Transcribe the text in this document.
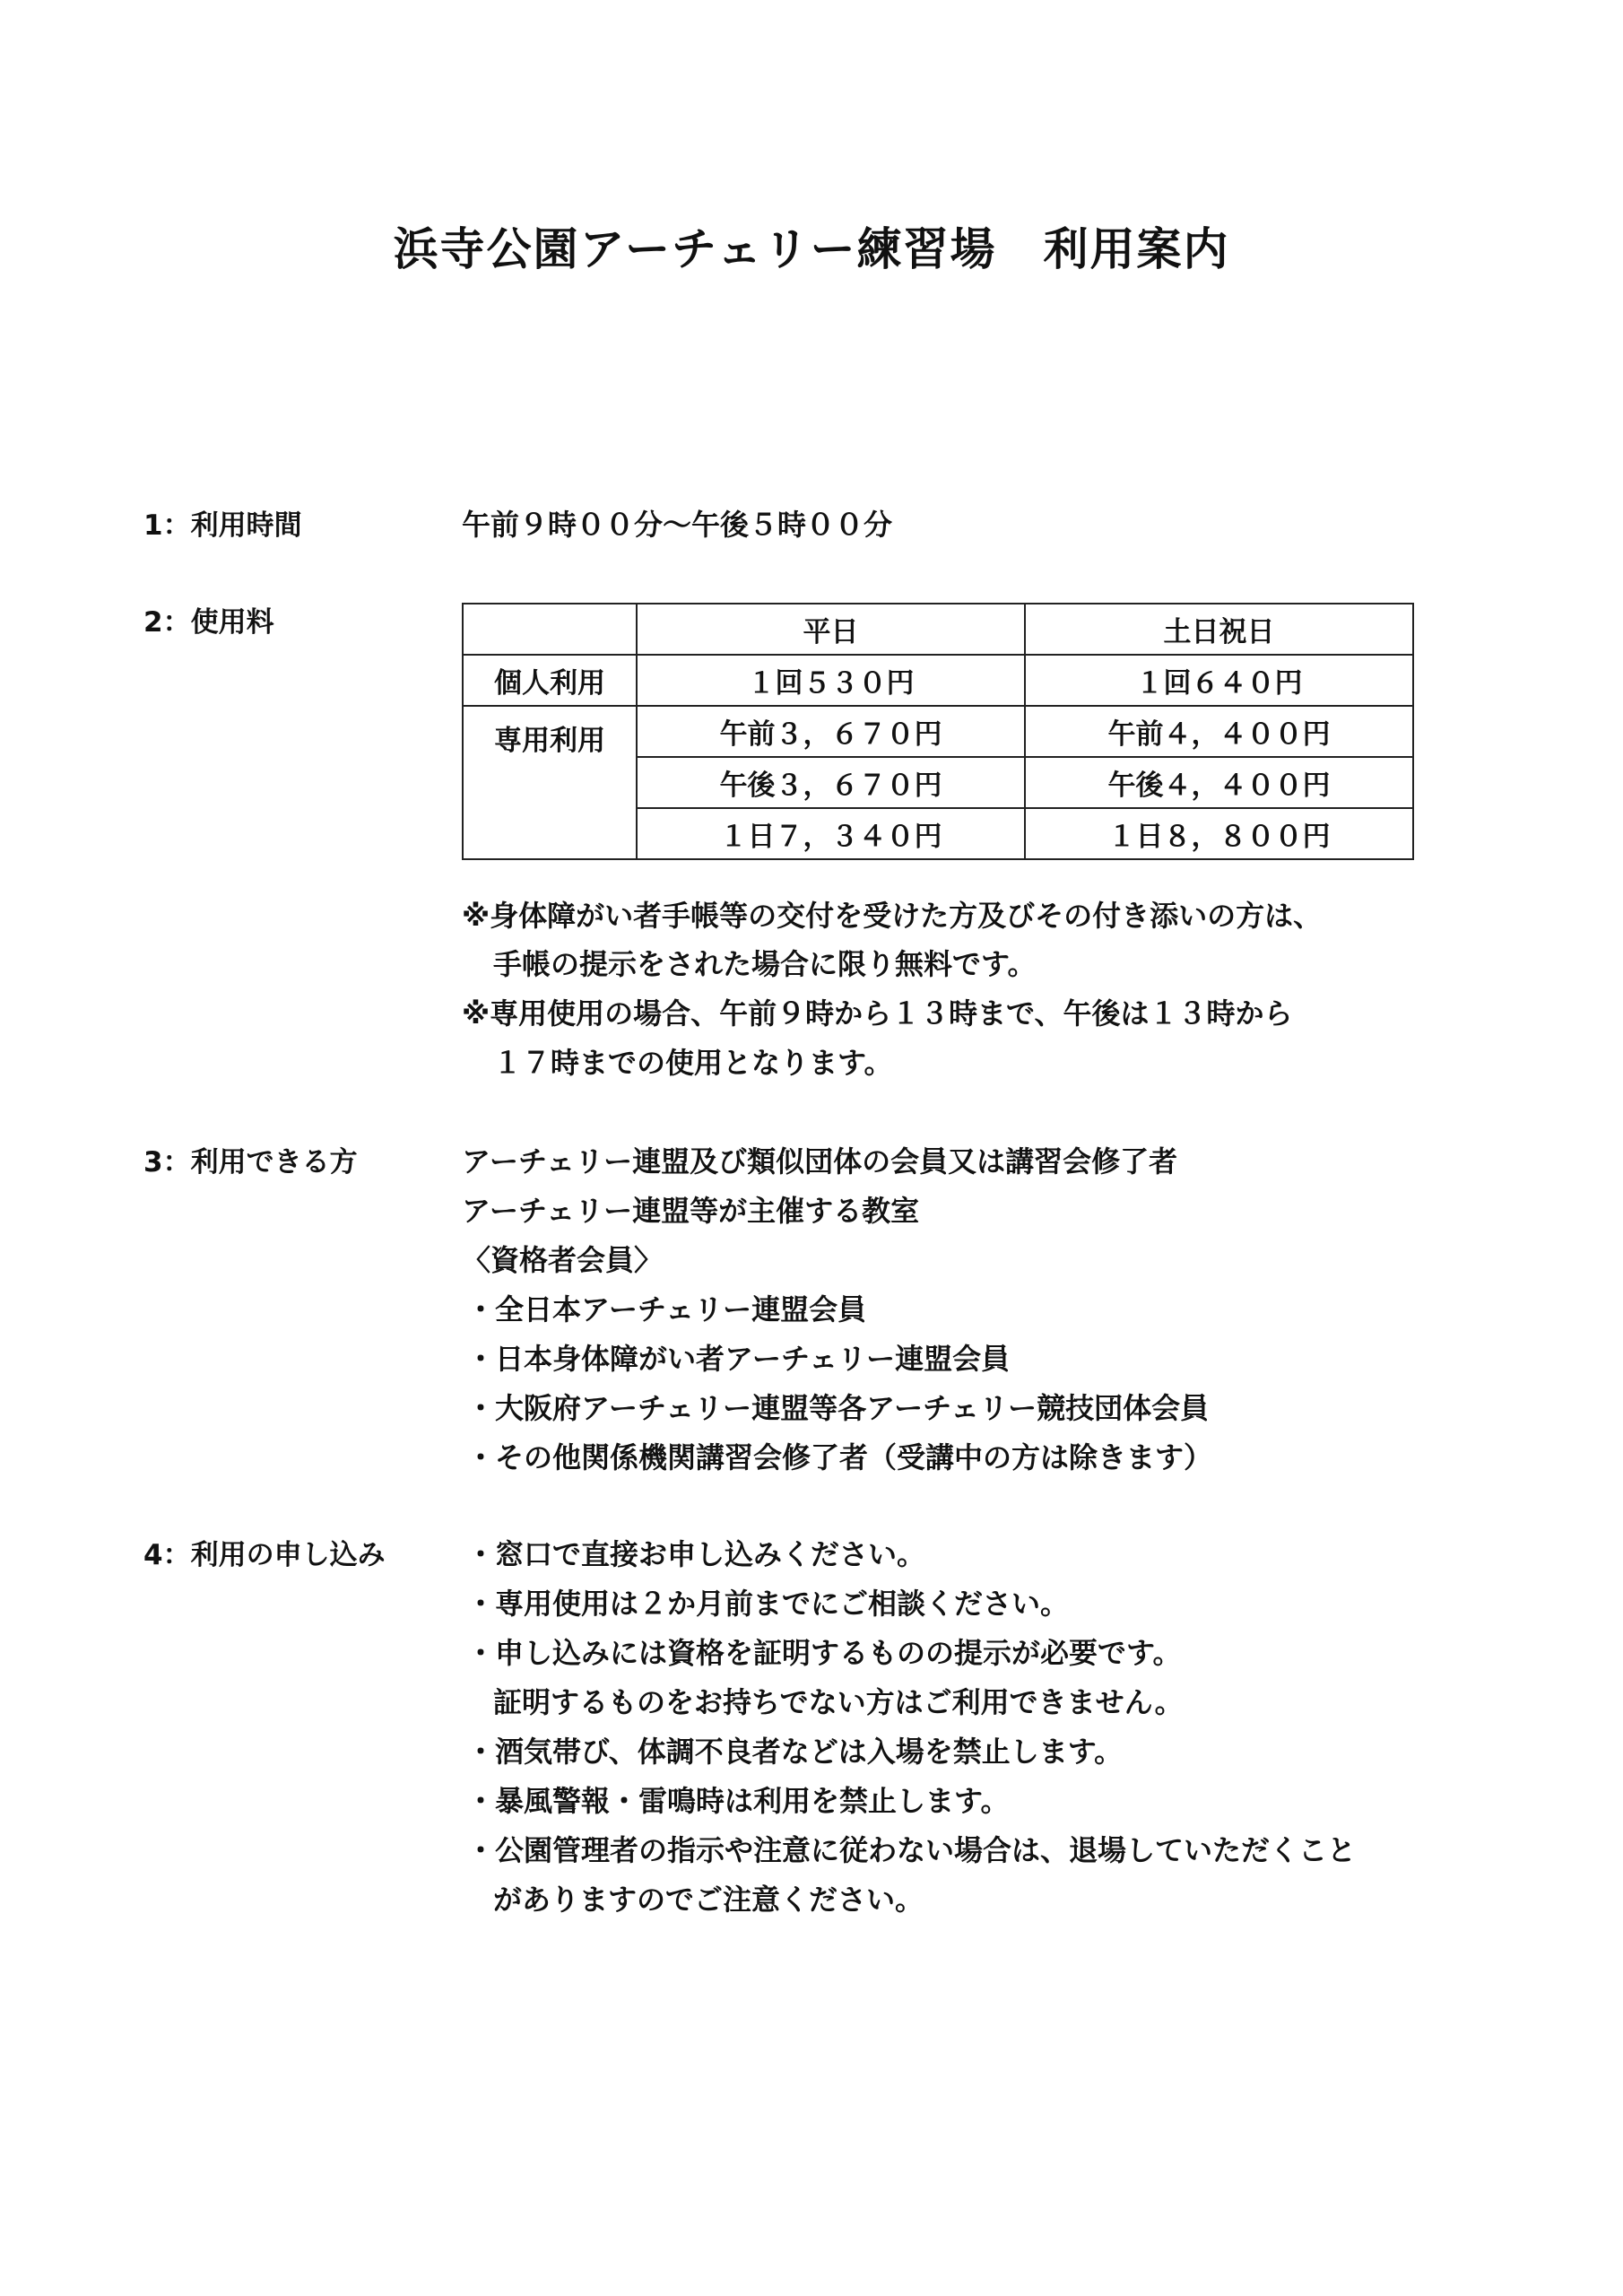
浜寺公園アーチェリー練習場　利用案内
1：利用時間	午前９時００分～午後５時００分
2：使用料
		平日	土日祝日
個人利用	１回５３０円	１回６４０円
専用利用	午前３，６７０円	午前４，４００円
	午後３，６７０円	午後４，４００円
	１日７，３４０円	１日８，８００円
※身体障がい者手帳等の交付を受けた方及びその付き添いの方は、
手帳の提示をされた場合に限り無料です。
※専用使用の場合、午前９時から１３時まで、午後は１３時から
１７時までの使用となります。
3：利用できる方	アーチェリー連盟及び類似団体の会員又は講習会修了者
アーチェリー連盟等が主催する教室
〈資格者会員〉
・全日本アーチェリー連盟会員
・日本身体障がい者アーチェリー連盟会員
・大阪府アーチェリー連盟等各アーチェリー競技団体会員
・その他関係機関講習会修了者（受講中の方は除きます）
4：利用の申し込み	・窓口で直接お申し込みください。
・専用使用は２か月前までにご相談ください。
・申し込みには資格を証明するものの提示が必要です。
証明するものをお持ちでない方はご利用できません。
・酒気帯び、体調不良者などは入場を禁止します。
・暴風警報・雷鳴時は利用を禁止します。
・公園管理者の指示や注意に従わない場合は、退場していただくこと
がありますのでご注意ください。
